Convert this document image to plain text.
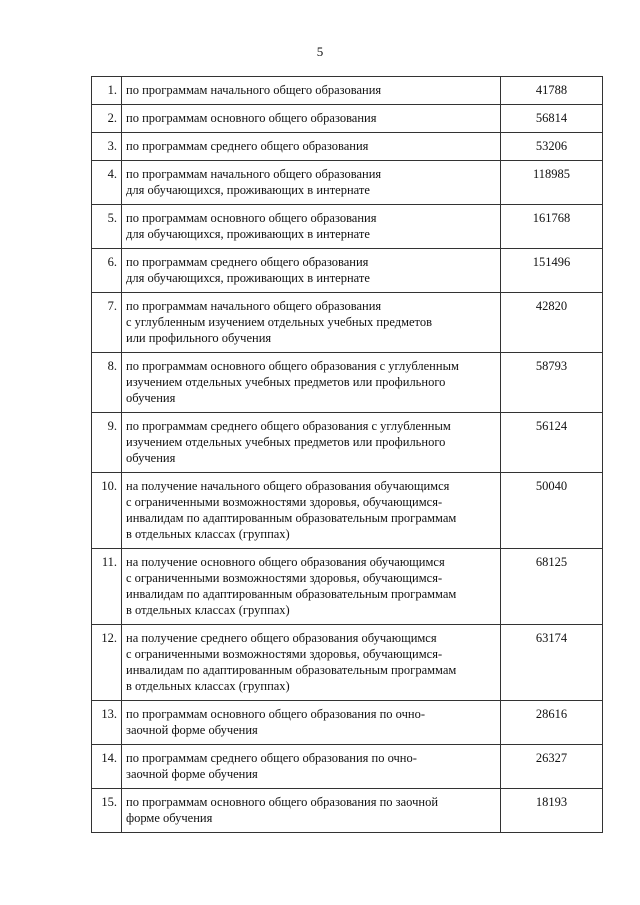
5
1.	по программам начального общего образования	41788
2.	по программам основного общего образования	56814
3.	по программам среднего общего образования	53206
4.	по программам начального общего образования
для обучающихся, проживающих в интернате	118985
5.	по программам основного общего образования
для обучающихся, проживающих в интернате	161768
6.	по программам среднего общего образования
для обучающихся, проживающих в интернате	151496
7.	по программам начального общего образования
с углубленным изучением отдельных учебных предметов
или профильного обучения	42820
8.	по программам основного общего образования с углубленным
изучением отдельных учебных предметов или профильного
обучения	58793
9.	по программам среднего общего образования с углубленным
изучением отдельных учебных предметов или профильного
обучения	56124
10.	на получение начального общего образования обучающимся
с ограниченными возможностями здоровья, обучающимся-
инвалидам по адаптированным образовательным программам
в отдельных классах (группах)	50040
11.	на получение основного общего образования обучающимся
с ограниченными возможностями здоровья, обучающимся-
инвалидам по адаптированным образовательным программам
в отдельных классах (группах)	68125
12.	на получение среднего общего образования обучающимся
с ограниченными возможностями здоровья, обучающимся-
инвалидам по адаптированным образовательным программам
в отдельных классах (группах)	63174
13.	по программам основного общего образования по очно-
заочной форме обучения	28616
14.	по программам среднего общего образования по очно-
заочной форме обучения	26327
15.	по программам основного общего образования по заочной
форме обучения	18193
